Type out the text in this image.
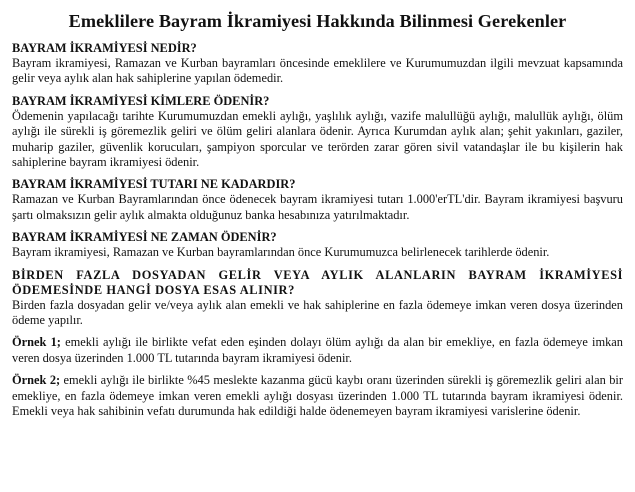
Emeklilere Bayram İkramiyesi Hakkında Bilinmesi Gerekenler

BAYRAM İKRAMİYESİ NEDİR?

Bayram ikramiyesi, Ramazan ve Kurban bayramları öncesinde emeklilere ve Kurumumuzdan ilgili mevzuat kapsamında gelir veya aylık alan hak sahiplerine yapılan ödemedir.

BAYRAM İKRAMİYESİ KİMLERE ÖDENİR?

Ödemenin yapılacağı tarihte Kurumumuzdan emekli aylığı, yaşlılık aylığı, vazife malullüğü aylığı, malullük aylığı, ölüm aylığı ile sürekli iş göremezlik geliri ve ölüm geliri alanlara ödenir. Ayrıca Kurumdan aylık alan; şehit yakınları, gaziler, muharip gaziler, güvenlik korucuları, şampiyon sporcular ve terörden zarar gören sivil vatandaşlar ile bu kişilerin hak sahiplerine bayram ikramiyesi ödenir.

BAYRAM İKRAMİYESİ TUTARI NE KADARDIR?

Ramazan ve Kurban Bayramlarından önce ödenecek bayram ikramiyesi tutarı 1.000'erTL'dir. Bayram ikramiyesi başvuru şartı olmaksızın gelir aylık almakta olduğunuz banka hesabınıza yatırılmaktadır.

BAYRAM İKRAMİYESİ NE ZAMAN ÖDENİR?

Bayram ikramiyesi, Ramazan ve Kurban bayramlarından önce Kurumumuzca belirlenecek tarihlerde ödenir.

BİRDEN FAZLA DOSYADAN GELİR VEYA AYLIK ALANLARIN BAYRAM İKRAMİYESİ ÖDEMESİNDE HANGİ DOSYA ESAS ALINIR?

Birden fazla dosyadan gelir ve/veya aylık alan emekli ve hak sahiplerine en fazla ödemeye imkan veren dosya üzerinden ödeme yapılır.

Örnek 1; emekli aylığı ile birlikte vefat eden eşinden dolayı ölüm aylığı da alan bir emekliye, en fazla ödemeye imkan veren dosya üzerinden 1.000 TL tutarında bayram ikramiyesi ödenir.

Örnek 2; emekli aylığı ile birlikte %45 meslekte kazanma gücü kaybı oranı üzerinden sürekli iş göremezlik geliri alan bir emekliye, en fazla ödemeye imkan veren emekli aylığı dosyası üzerinden 1.000 TL tutarında bayram ikramiyesi ödenir. Emekli veya hak sahibinin vefatı durumunda hak edildiği halde ödenemeyen bayram ikramiyesi varislerine ödenir.
